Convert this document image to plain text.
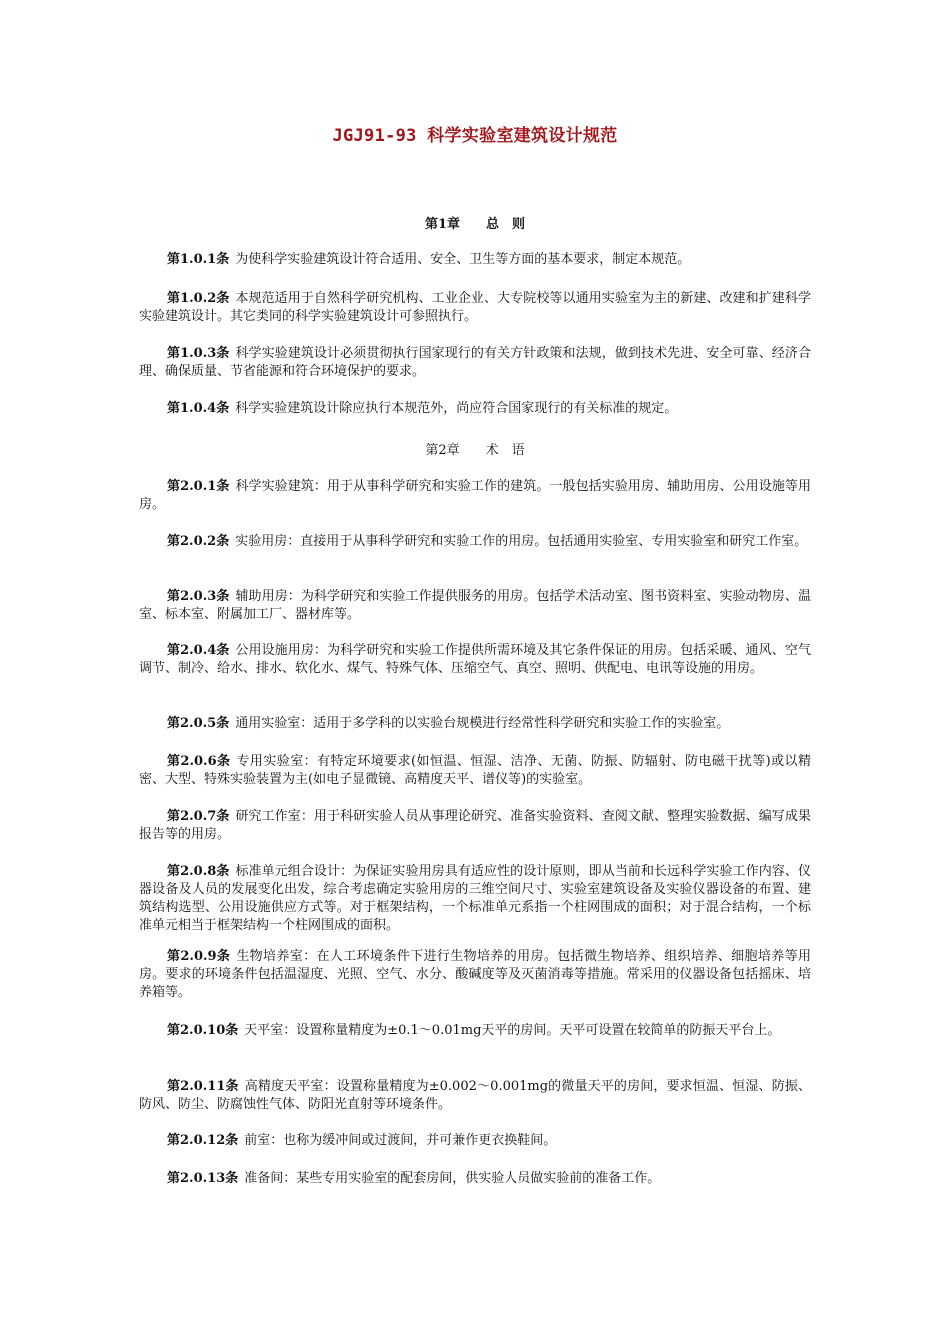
JGJ91-93 科学实验室建筑设计规范
第1章　　总　则

第1.0.1条 为使科学实验建筑设计符合适用、安全、卫生等方面的基本要求，制定本规范。

第1.0.2条 本规范适用于自然科学研究机构、工业企业、大专院校等以通用实验室为主的新建、改建和扩建科学实验建筑设计。其它类同的科学实验建筑设计可参照执行。

第1.0.3条 科学实验建筑设计必须贯彻执行国家现行的有关方针政策和法规，做到技术先进、安全可靠、经济合理、确保质量、节省能源和符合环境保护的要求。

第1.0.4条 科学实验建筑设计除应执行本规范外，尚应符合国家现行的有关标准的规定。

第2章　　术　语

第2.0.1条 科学实验建筑：用于从事科学研究和实验工作的建筑。一般包括实验用房、辅助用房、公用设施等用房。

第2.0.2条 实验用房：直接用于从事科学研究和实验工作的用房。包括通用实验室、专用实验室和研究工作室。

第2.0.3条 辅助用房：为科学研究和实验工作提供服务的用房。包括学术活动室、图书资料室、实验动物房、温室、标本室、附属加工厂、器材库等。

第2.0.4条 公用设施用房：为科学研究和实验工作提供所需环境及其它条件保证的用房。包括采暖、通风、空气调节、制冷、给水、排水、软化水、煤气、特殊气体、压缩空气、真空、照明、供配电、电讯等设施的用房。

第2.0.5条 通用实验室：适用于多学科的以实验台规模进行经常性科学研究和实验工作的实验室。

第2.0.6条 专用实验室：有特定环境要求(如恒温、恒湿、洁净、无菌、防振、防辐射、防电磁干扰等)或以精密、大型、特殊实验装置为主(如电子显微镜、高精度天平、谱仪等)的实验室。

第2.0.7条 研究工作室：用于科研实验人员从事理论研究、准备实验资料、查阅文献、整理实验数据、编写成果报告等的用房。

第2.0.8条 标准单元组合设计：为保证实验用房具有适应性的设计原则，即从当前和长远科学实验工作内容、仪器设备及人员的发展变化出发，综合考虑确定实验用房的三维空间尺寸、实验室建筑设备及实验仪器设备的布置、建筑结构选型、公用设施供应方式等。对于框架结构，一个标准单元系指一个柱网围成的面积；对于混合结构，一个标准单元相当于框架结构一个柱网围成的面积。

第2.0.9条 生物培养室：在人工环境条件下进行生物培养的用房。包括微生物培养、组织培养、细胞培养等用房。要求的环境条件包括温湿度、光照、空气、水分、酸碱度等及灭菌消毒等措施。常采用的仪器设备包括摇床、培养箱等。

第2.0.10条 天平室：设置称量精度为±0.1～0.01mg天平的房间。天平可设置在较简单的防振天平台上。

第2.0.11条 高精度天平室：设置称量精度为±0.002～0.001mg的微量天平的房间，要求恒温、恒湿、防振、防风、防尘、防腐蚀性气体、防阳光直射等环境条件。

第2.0.12条 前室：也称为缓冲间或过渡间，并可兼作更衣换鞋间。

第2.0.13条 准备间：某些专用实验室的配套房间，供实验人员做实验前的准备工作。
